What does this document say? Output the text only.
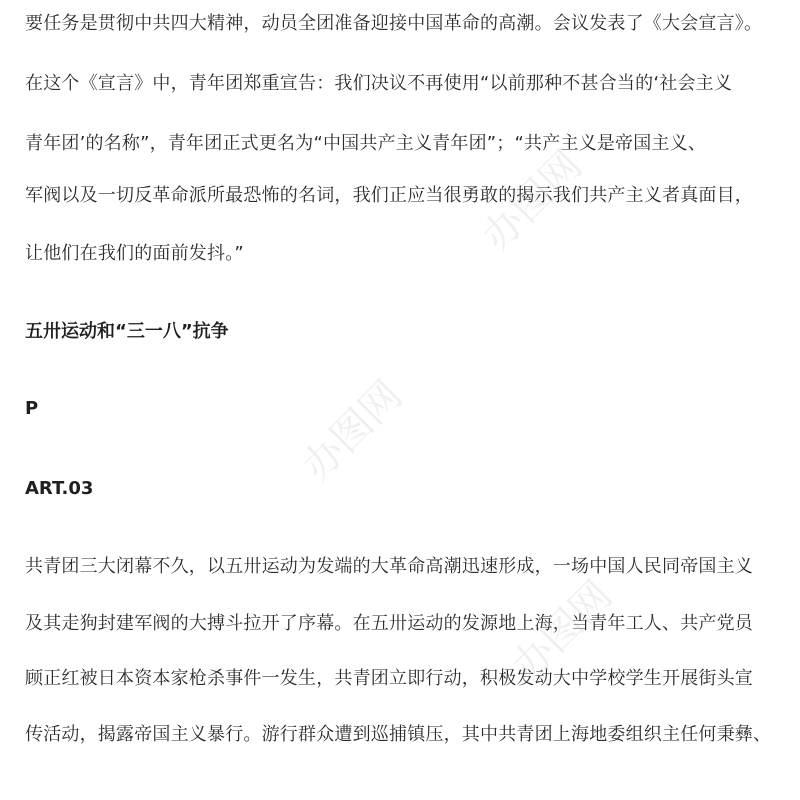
要任务是贯彻中共四大精神，动员全团准备迎接中国革命的高潮。会议发表了《大会宣言》。
在这个《宣言》中，青年团郑重宣告：我们决议不再使用“以前那种不甚合当的‘社会主义
青年团’的名称”，青年团正式更名为“中国共产主义青年团”；“共产主义是帝国主义、
军阀以及一切反革命派所最恐怖的名词，我们正应当很勇敢的揭示我们共产主义者真面目，
让他们在我们的面前发抖。”
五卅运动和“三一八”抗争
P
ART.03
共青团三大闭幕不久，以五卅运动为发端的大革命高潮迅速形成，一场中国人民同帝国主义
及其走狗封建军阀的大搏斗拉开了序幕。在五卅运动的发源地上海，当青年工人、共产党员
顾正红被日本资本家枪杀事件一发生，共青团立即行动，积极发动大中学校学生开展街头宣
传活动，揭露帝国主义暴行。游行群众遭到巡捕镇压，其中共青团上海地委组织主任何秉彝、
办图网
办图网
办图网
